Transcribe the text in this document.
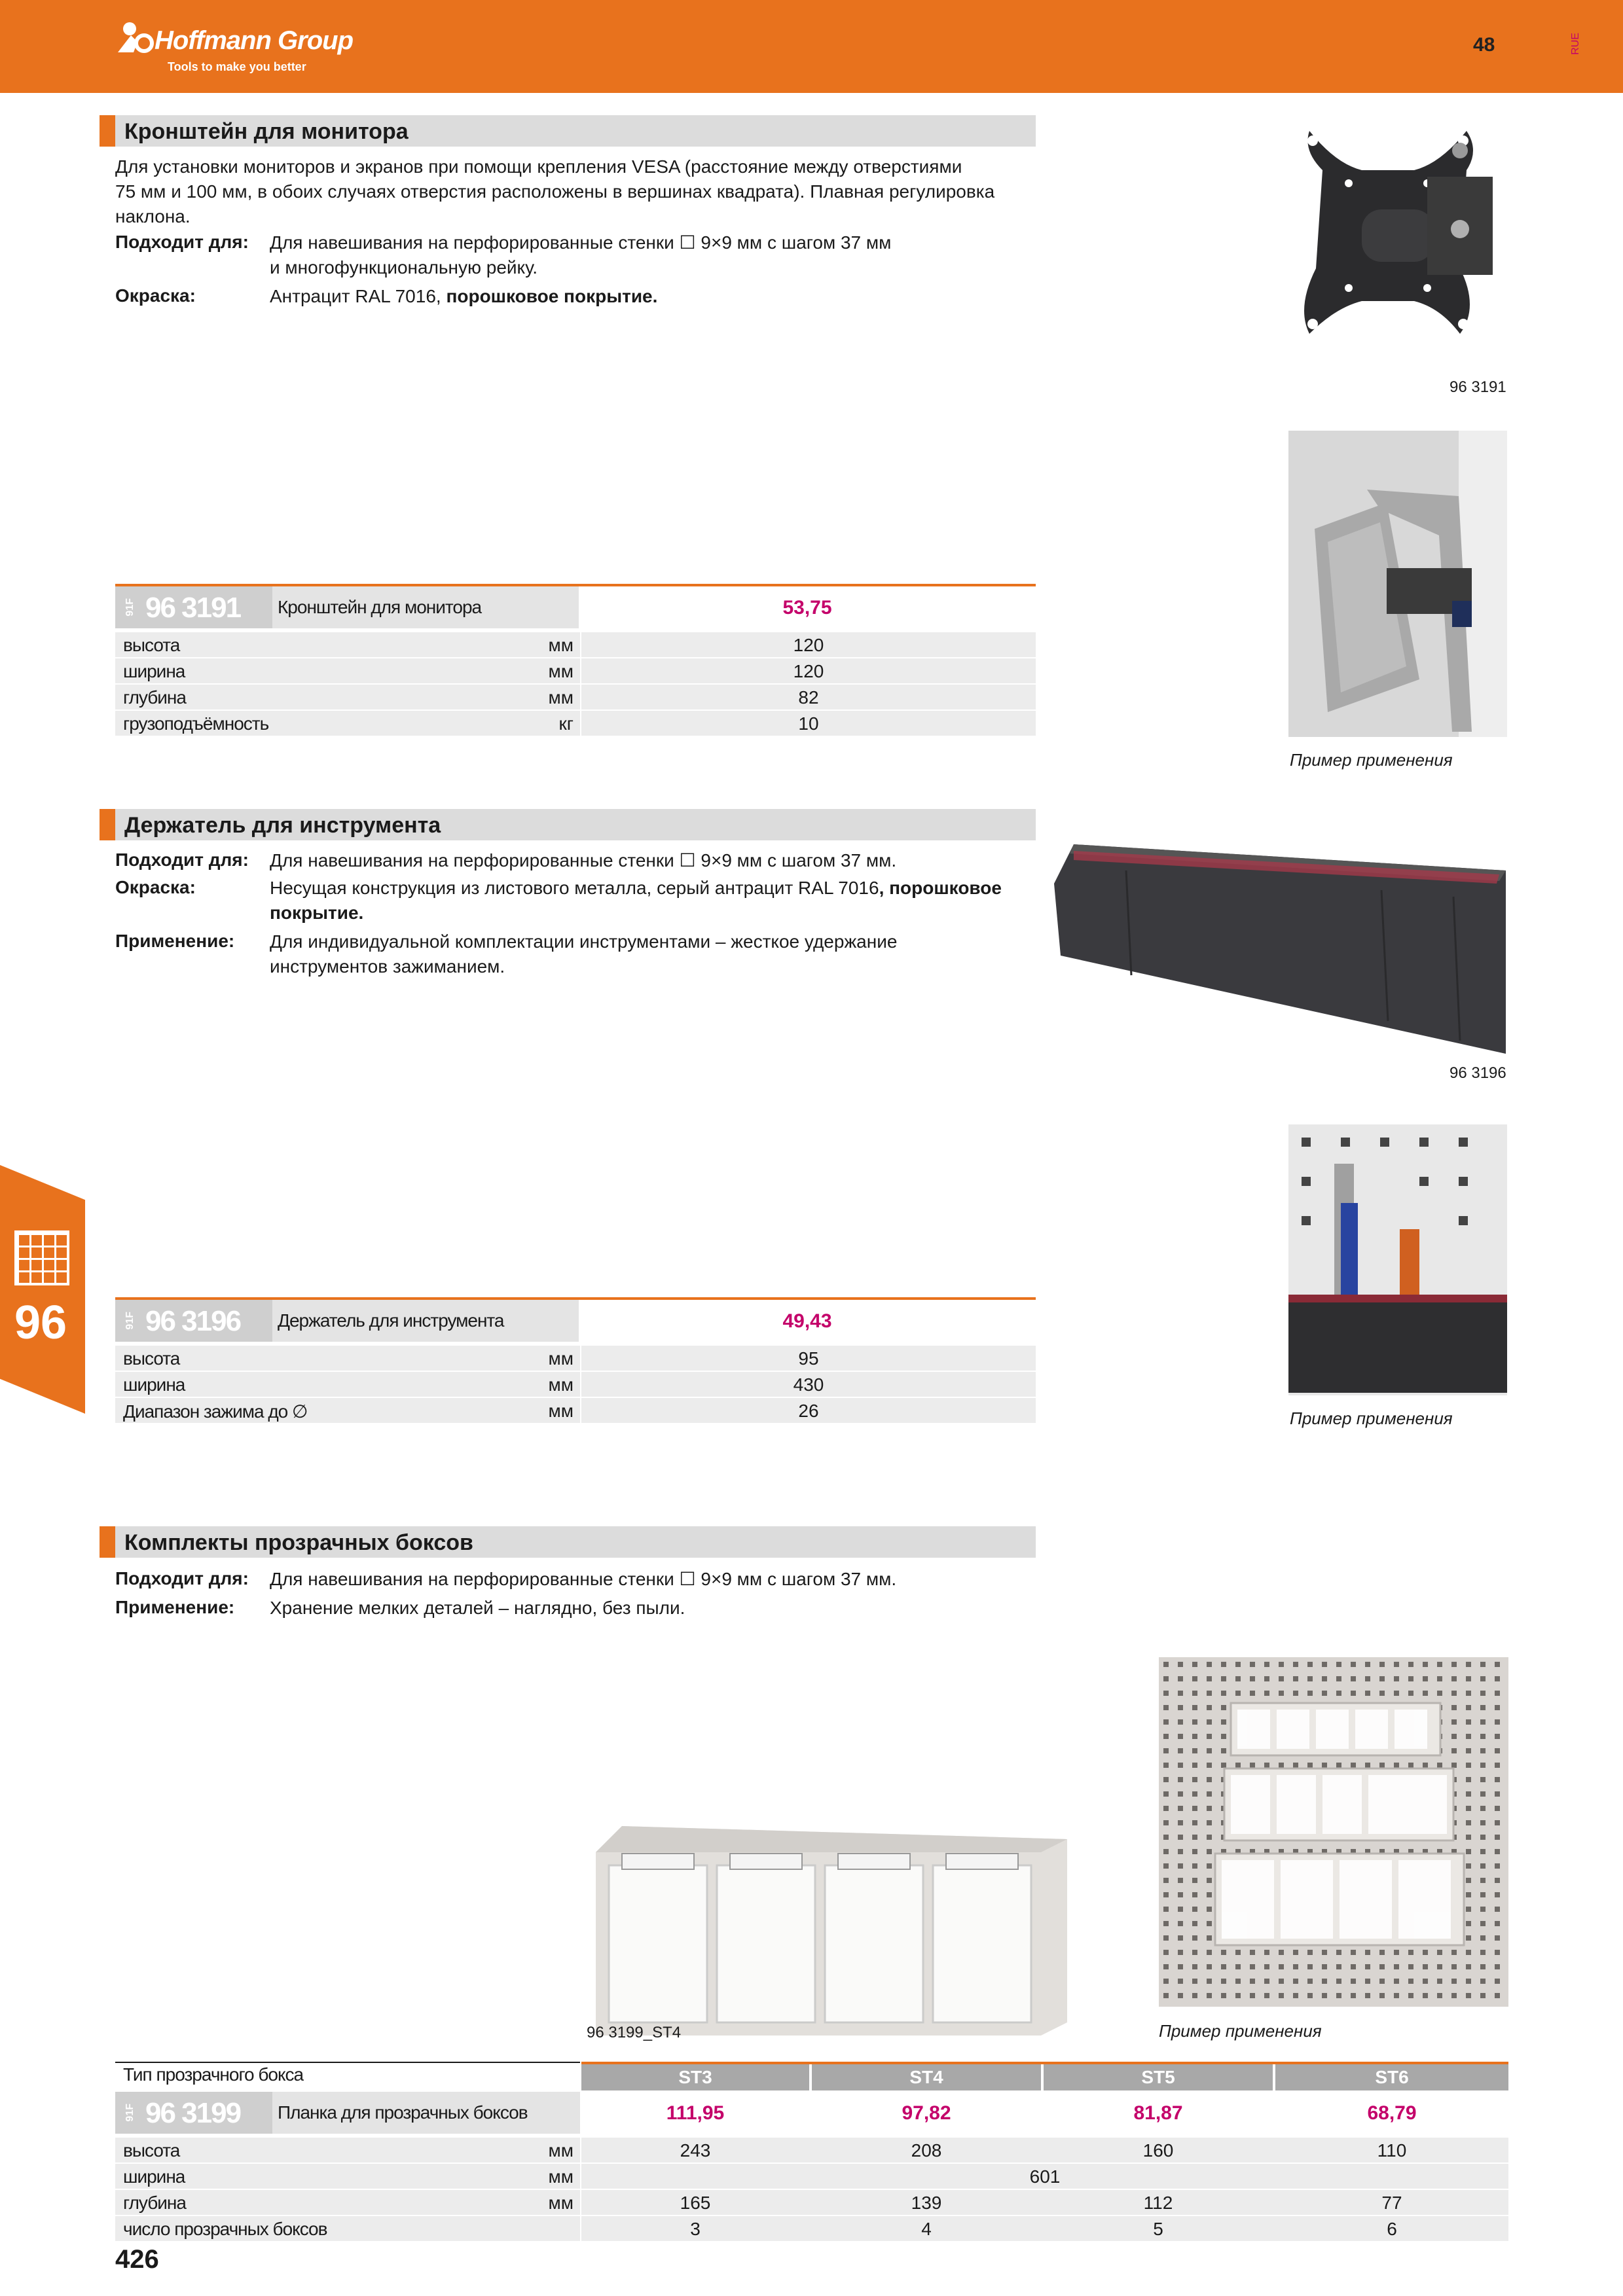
Hoffmann Group
Tools to make you better
48	RUE
96
Кронштейн для монитора
Для установки мониторов и экранов при помощи крепления VESA (расстояние между отверстиями
75 мм и 100 мм, в обоих случаях отверстия расположены в вершинах квадрата). Плавная регулировка
наклона.
Подходит для: Для навешивания на перфорированные стенки ☐ 9×9 мм с шагом 37 мм
и многофункциональную рейку.
Окраска:	Антрацит RAL 7016, порошковое покрытие.
96 3191
Пример применения
91F 96 3191 Кронштейн для монитора	53,75
высота	мм	120
ширина	мм	120
глубина	мм	82
грузоподъёмность	кг	10
Держатель для инструмента
Подходит для: Для навешивания на перфорированные стенки ☐ 9×9 мм с шагом 37 мм.
Окраска:	Несущая конструкция из листового металла, серый антрацит RAL 7016, порошковое
покрытие.
Применение: Для индивидуальной комплектации инструментами – жесткое удержание
инструментов зажиманием.
96 3196
Пример применения
91F 96 3196 Держатель для инструмента	49,43
высота	мм	95
ширина	мм	430
Диапазон зажима до ∅	мм	26
Комплекты прозрачных боксов
Подходит для: Для навешивания на перфорированные стенки ☐ 9×9 мм с шагом 37 мм.
Применение: Хранение мелких деталей – наглядно, без пыли.
96 3199_ST4	Пример применения
Тип прозрачного бокса	ST3	ST4	ST5	ST6
91F 96 3199 Планка для прозрачных боксов	111,95	97,82	81,87	68,79
высота	мм	243	208	160	110
ширина	мм	601
глубина	мм	165	139	112	77
число прозрачных боксов	3	4	5	6
426
